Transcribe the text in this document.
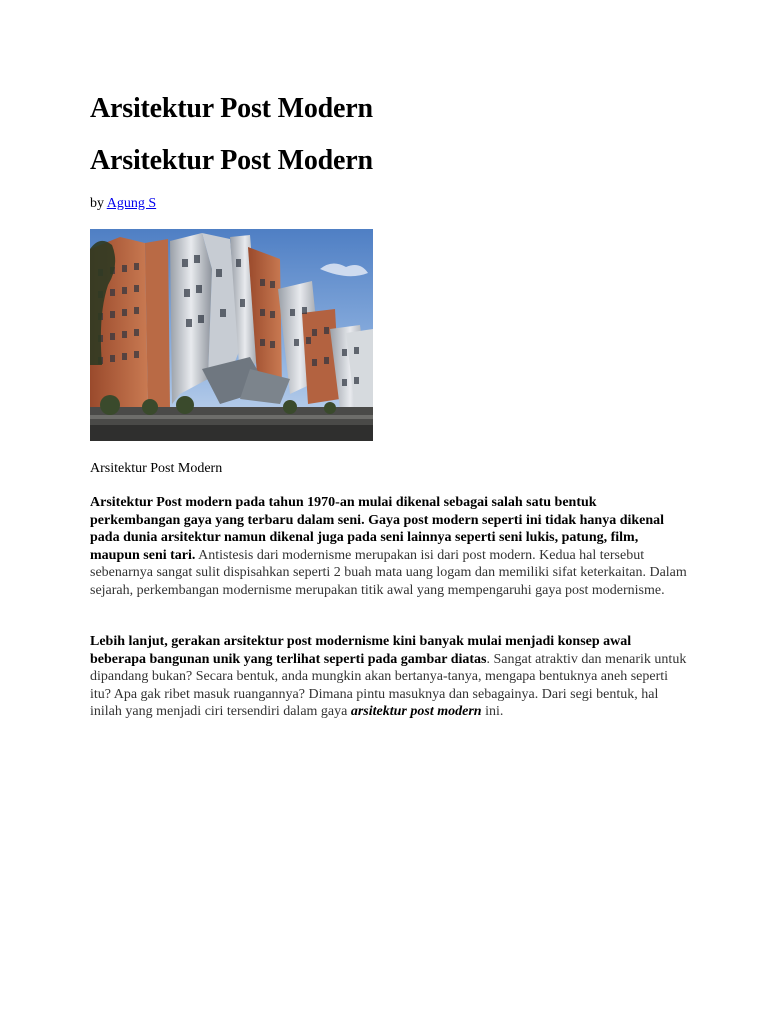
Arsitektur Post Modern
Arsitektur Post Modern
by Agung S
Arsitektur Post Modern

Arsitektur Post modern pada tahun 1970-an mulai dikenal sebagai salah satu bentuk perkembangan gaya yang terbaru dalam seni. Gaya post modern seperti ini tidak hanya dikenal pada dunia arsitektur namun dikenal juga pada seni lainnya seperti seni lukis, patung, film, maupun seni tari. Antistesis dari modernisme merupakan isi dari post modern. Kedua hal tersebut sebenarnya sangat sulit dispisahkan seperti 2 buah mata uang logam dan memiliki sifat keterkaitan. Dalam sejarah, perkembangan modernisme merupakan titik awal yang mempengaruhi gaya post modernisme.

Lebih lanjut, gerakan arsitektur post modernisme kini banyak mulai menjadi konsep awal beberapa bangunan unik yang terlihat seperti pada gambar diatas. Sangat atraktiv dan menarik untuk dipandang bukan? Secara bentuk, anda mungkin akan bertanya-tanya, mengapa bentuknya aneh seperti itu? Apa gak ribet masuk ruangannya? Dimana pintu masuknya dan sebagainya. Dari segi bentuk, hal inilah yang menjadi ciri tersendiri dalam gaya arsitektur post modern ini.
